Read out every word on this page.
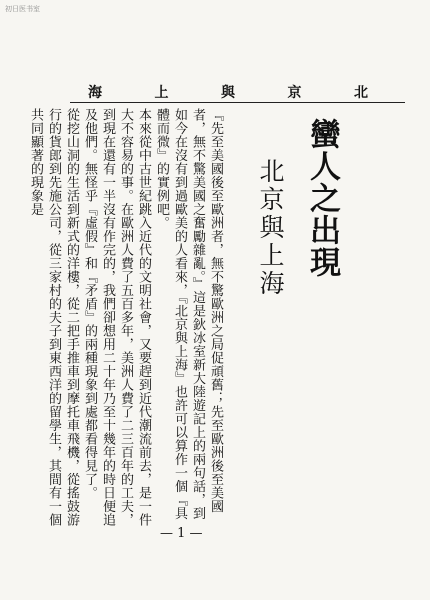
初日医书室
海	上	與	京	北
蠻人之出現
北京與上海

『先至美國後至歐洲者，無不驚歐洲之局促頑舊；先至歐洲後至美國者，無不驚美國之奮勵雜亂。』這是鈥冰室新大陸遊記上的兩句話，到如今在沒有到過歐美的人看來，『北京與上海』也許可以算作一個『具體而微』的實例吧。

本來從中古世紀跳入近代的文明社會，又要趕到近代潮流前去，是一件大不容易的事。在歐洲人費了五百多年，美洲人費了二三百年的工夫，到現在還有一半沒有作完的，我們卻想用二十年乃至十幾年的時日便追及他們。無怪乎『虛假』和『矛盾』的兩種現象到處都看得見了。

從挖山洞的生活到新式的洋樓，從二把手推車到摩托車飛機，從搖鼓游行的貨郎到先施公司，從三家村的夫子到東西洋的留學生，其間有一個共同顯著的現象是

— 1 —
